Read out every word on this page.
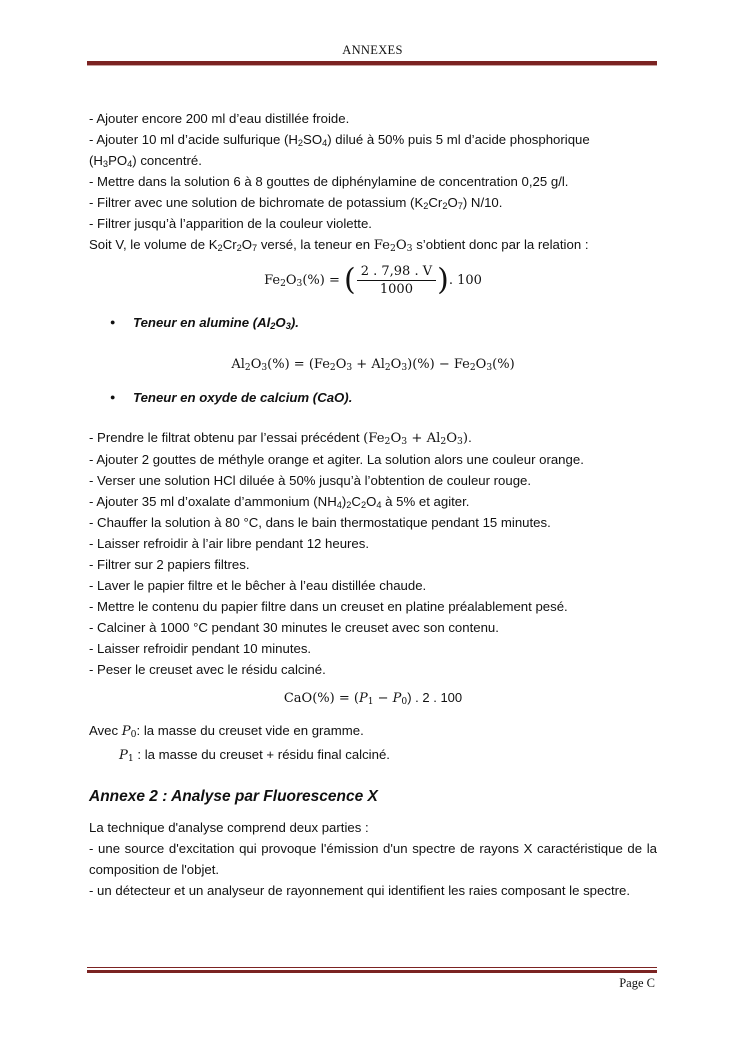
ANNEXES
- Ajouter encore 200 ml d’eau distillée froide.
- Ajouter 10 ml d’acide sulfurique $(H_2SO_4)$ dilué à 50% puis 5 ml d’acide phosphorique
$(H_3PO_4)$ concentré.
- Mettre dans la solution 6 à 8 gouttes de diphénylamine de concentration 0,25 g/l.
- Filtrer avec une solution de bichromate de potassium $(K_2Cr_2O_7)$ N/10.
- Filtrer jusqu’à l’apparition de la couleur violette.
Soit V, le volume de $K_2Cr_2O_7$ versé, la teneur en $Fe_2O_3$ s’obtient donc par la relation :
$Fe_2O_3(\%)$ = ( $\frac{2 . 7,98 . V}{1000}$ ). 100
● Teneur en alumine $(Al_2O_3)$.
$Al_2O_3(\%) = (Fe_2O_3 + Al_2O_3)(\%) - Fe_2O_3(\%)$
● Teneur en oxyde de calcium (CaO).
- Prendre le filtrat obtenu par l’essai précédent $(Fe_2O_3 + Al_2O_3)$.
- Ajouter 2 gouttes de méthyle orange et agiter. La solution alors une couleur orange.
- Verser une solution HCl diluée à 50% jusqu’à l’obtention de couleur rouge.
- Ajouter 35 ml d’oxalate d’ammonium $(NH_4)_2C_2O_4$ à 5% et agiter.
- Chauffer la solution à 80 °C, dans le bain thermostatique pendant 15 minutes.
- Laisser refroidir à l’air libre pendant 12 heures.
- Filtrer sur 2 papiers filtres.
- Laver le papier filtre et le bêcher à l’eau distillée chaude.
- Mettre le contenu du papier filtre dans un creuset en platine préalablement pesé.
- Calciner à 1000 °C pendant 30 minutes le creuset avec son contenu.
- Laisser refroidir pendant 10 minutes.
- Peser le creuset avec le résidu calciné.
$CaO(\%) = (P_1 - P_0)$ . 2 . 100
Avec $P_0$: la masse du creuset vide en gramme.
$P_1$ : la masse du creuset + résidu final calciné.
Annexe 2 : Analyse par Fluorescence X
La technique d'analyse comprend deux parties :
- une source d'excitation qui provoque l'émission d'un spectre de rayons X caractéristique de la composition de l'objet.
- un détecteur et un analyseur de rayonnement qui identifient les raies composant le spectre.
Page C
